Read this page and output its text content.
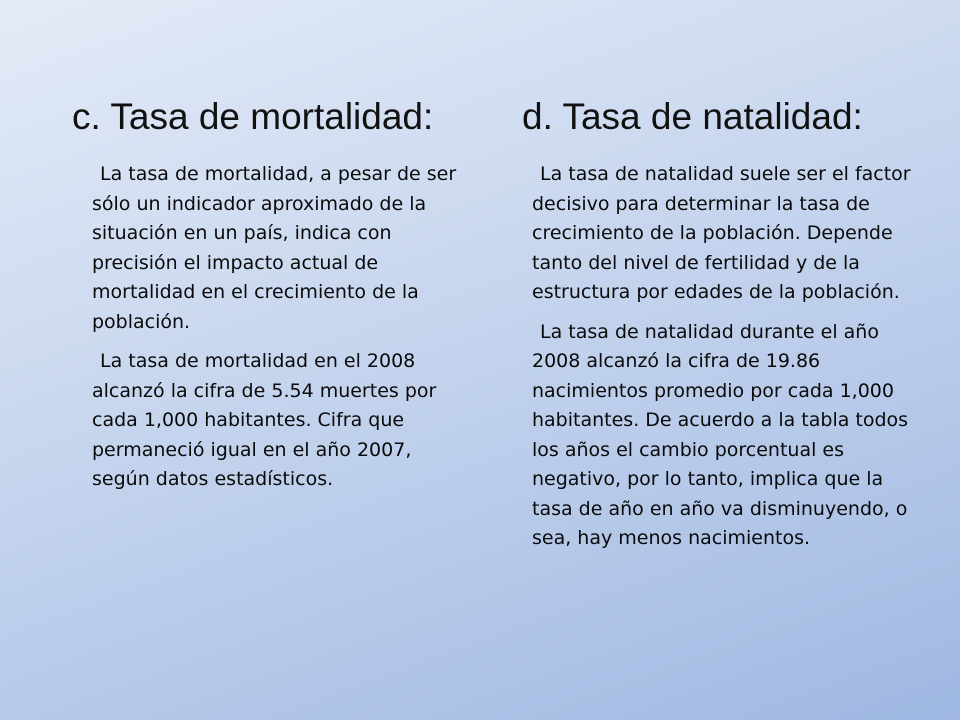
c. Tasa de mortalidad: d. Tasa de natalidad:

La tasa de mortalidad, a pesar de ser sólo un indicador aproximado de la situación en un país, indica con precisión el impacto actual de mortalidad en el crecimiento de la población.

La tasa de mortalidad en el 2008 alcanzó la cifra de 5.54 muertes por cada 1,000 habitantes. Cifra que permaneció igual en el año 2007, según datos estadísticos.

La tasa de natalidad suele ser el factor decisivo para determinar la tasa de crecimiento de la población. Depende tanto del nivel de fertilidad y de la estructura por edades de la población.

La tasa de natalidad durante el año 2008 alcanzó la cifra de 19.86 nacimientos promedio por cada 1,000 habitantes. De acuerdo a la tabla todos los años el cambio porcentual es negativo, por lo tanto, implica que la tasa de año en año va disminuyendo, o sea, hay menos nacimientos.
